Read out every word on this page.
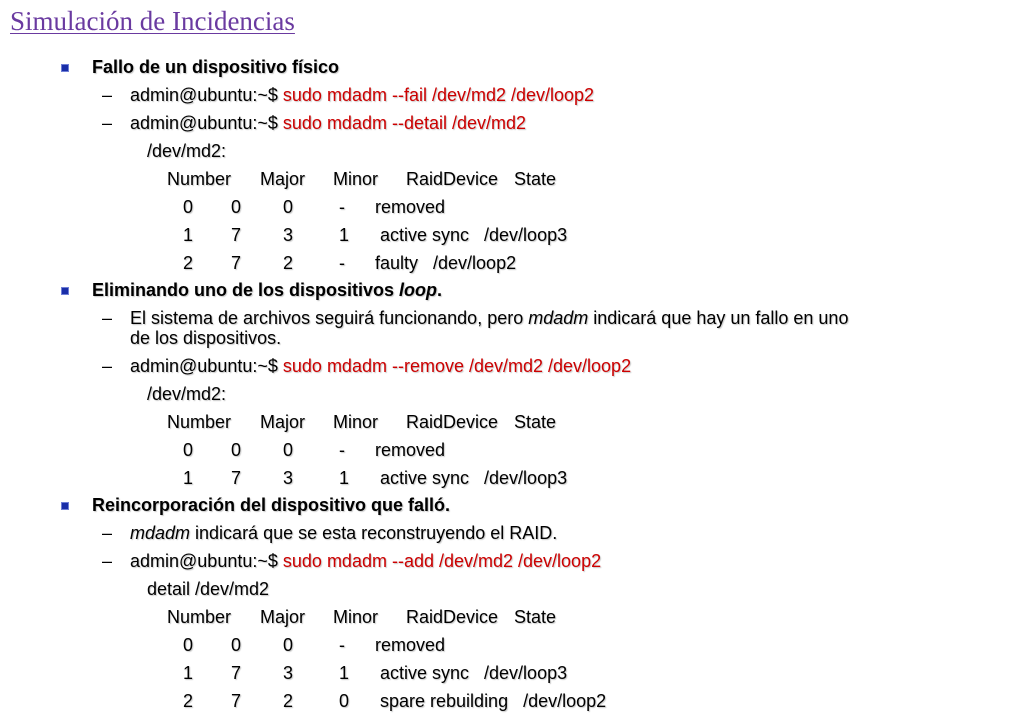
Simulación de Incidencias
Fallo de un dispositivo físico
– admin@ubuntu:~$ sudo mdadm --fail /dev/md2 /dev/loop2
– admin@ubuntu:~$ sudo mdadm --detail /dev/md2
/dev/md2:
Number Major Minor RaidDevice State
0 0 0	- removed
1 7 3	1 active sync   /dev/loop3
2 7 2	- faulty   /dev/loop2
Eliminando uno de los dispositivos loop.
– El sistema de archivos seguirá funcionando, pero mdadm indicará que hay un fallo en uno
de los dispositivos.
– admin@ubuntu:~$ sudo mdadm --remove /dev/md2 /dev/loop2
/dev/md2:
Number Major Minor RaidDevice State
0 0 0	- removed
1 7 3	1 active sync   /dev/loop3
Reincorporación del dispositivo que falló.
– mdadm indicará que se esta reconstruyendo el RAID.
– admin@ubuntu:~$ sudo mdadm --add /dev/md2 /dev/loop2
detail /dev/md2
Number Major Minor RaidDevice State
0 0 0	- removed
1 7 3	1 active sync   /dev/loop3
2 7 2	0 spare rebuilding   /dev/loop2
